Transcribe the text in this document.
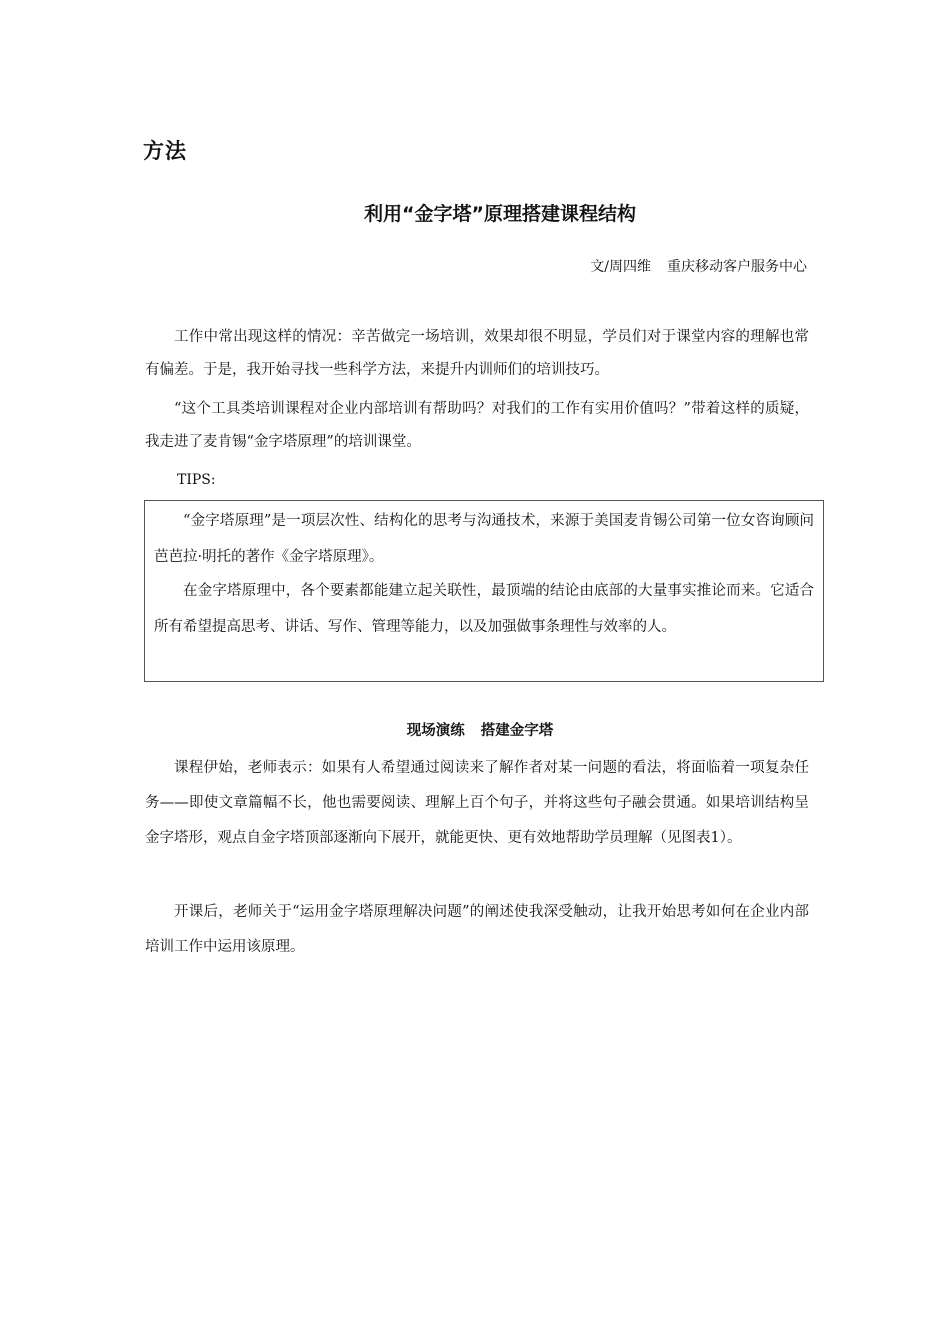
方法
利用“金字塔”原理搭建课程结构
文/周四维 重庆移动客户服务中心
工作中常出现这样的情况：辛苦做完一场培训，效果却很不明显，学员们对于课堂内容的理解也常有偏差。于是，我开始寻找一些科学方法，来提升内训师们的培训技巧。
“这个工具类培训课程对企业内部培训有帮助吗？对我们的工作有实用价值吗？”带着这样的质疑，我走进了麦肯锡“金字塔原理”的培训课堂。
TIPS:
“金字塔原理”是一项层次性、结构化的思考与沟通技术，来源于美国麦肯锡公司第一位女咨询顾问芭芭拉·明托的著作《金字塔原理》。
在金字塔原理中，各个要素都能建立起关联性，最顶端的结论由底部的大量事实推论而来。它适合所有希望提高思考、讲话、写作、管理等能力，以及加强做事条理性与效率的人。
现场演练 搭建金字塔
课程伊始，老师表示：如果有人希望通过阅读来了解作者对某一问题的看法，将面临着一项复杂任务——即使文章篇幅不长，他也需要阅读、理解上百个句子，并将这些句子融会贯通。如果培训结构呈金字塔形，观点自金字塔顶部逐渐向下展开，就能更快、更有效地帮助学员理解（见图表1）。
开课后，老师关于“运用金字塔原理解决问题”的阐述使我深受触动，让我开始思考如何在企业内部培训工作中运用该原理。
